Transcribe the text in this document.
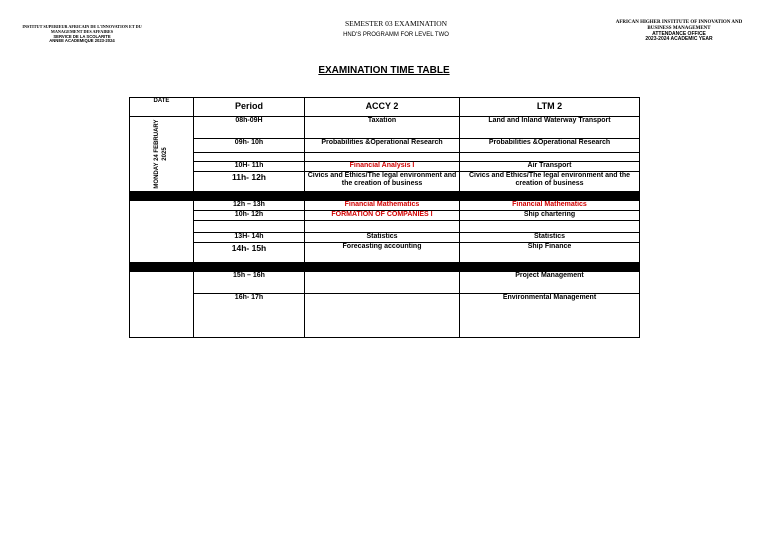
INSTITUT SUPERIEUR AFRICAIN DE L'INNOVATION ET DU
MANAGEMENT DES AFFAIRES
SERVICE DE LA SCOLARITE
ANNEE ACADEMIQUE 2023-2024
SEMESTER 03 EXAMINATION
HND'S PROGRAMM FOR LEVEL TWO
AFRICAN HIGHER INSTITUTE OF INNOVATION AND
BUSINESS MANAGEMENT
ATTENDANCE OFFICE
2023-2024 ACADEMIC YEAR
EXAMINATION TIME TABLE
DATE	Period	ACCY 2	LTM 2

MONDAY 24 FEBRUARY 2025	08h-09H	Taxation	Land and Inland Waterway Transport
	09h- 10h	Probabilities &Operational Research	Probabilities &Operational Research

	10H- 11h	Financial Analysis I	Air Transport
	11h- 12h	Civics and Ethics/The legal environment and the creation of business	Civics and Ethics/The legal environment and the creation of business

	12h – 13h	Financial Mathematics	Financial Mathematics
	10h- 12h	FORMATION OF COMPANIES I	Ship chartering

	13H- 14h	Statistics	Statistics
	14h- 15h	Forecasting accounting	Ship Finance

	15h – 16h		Project Management
	16h- 17h		Environmental Management
